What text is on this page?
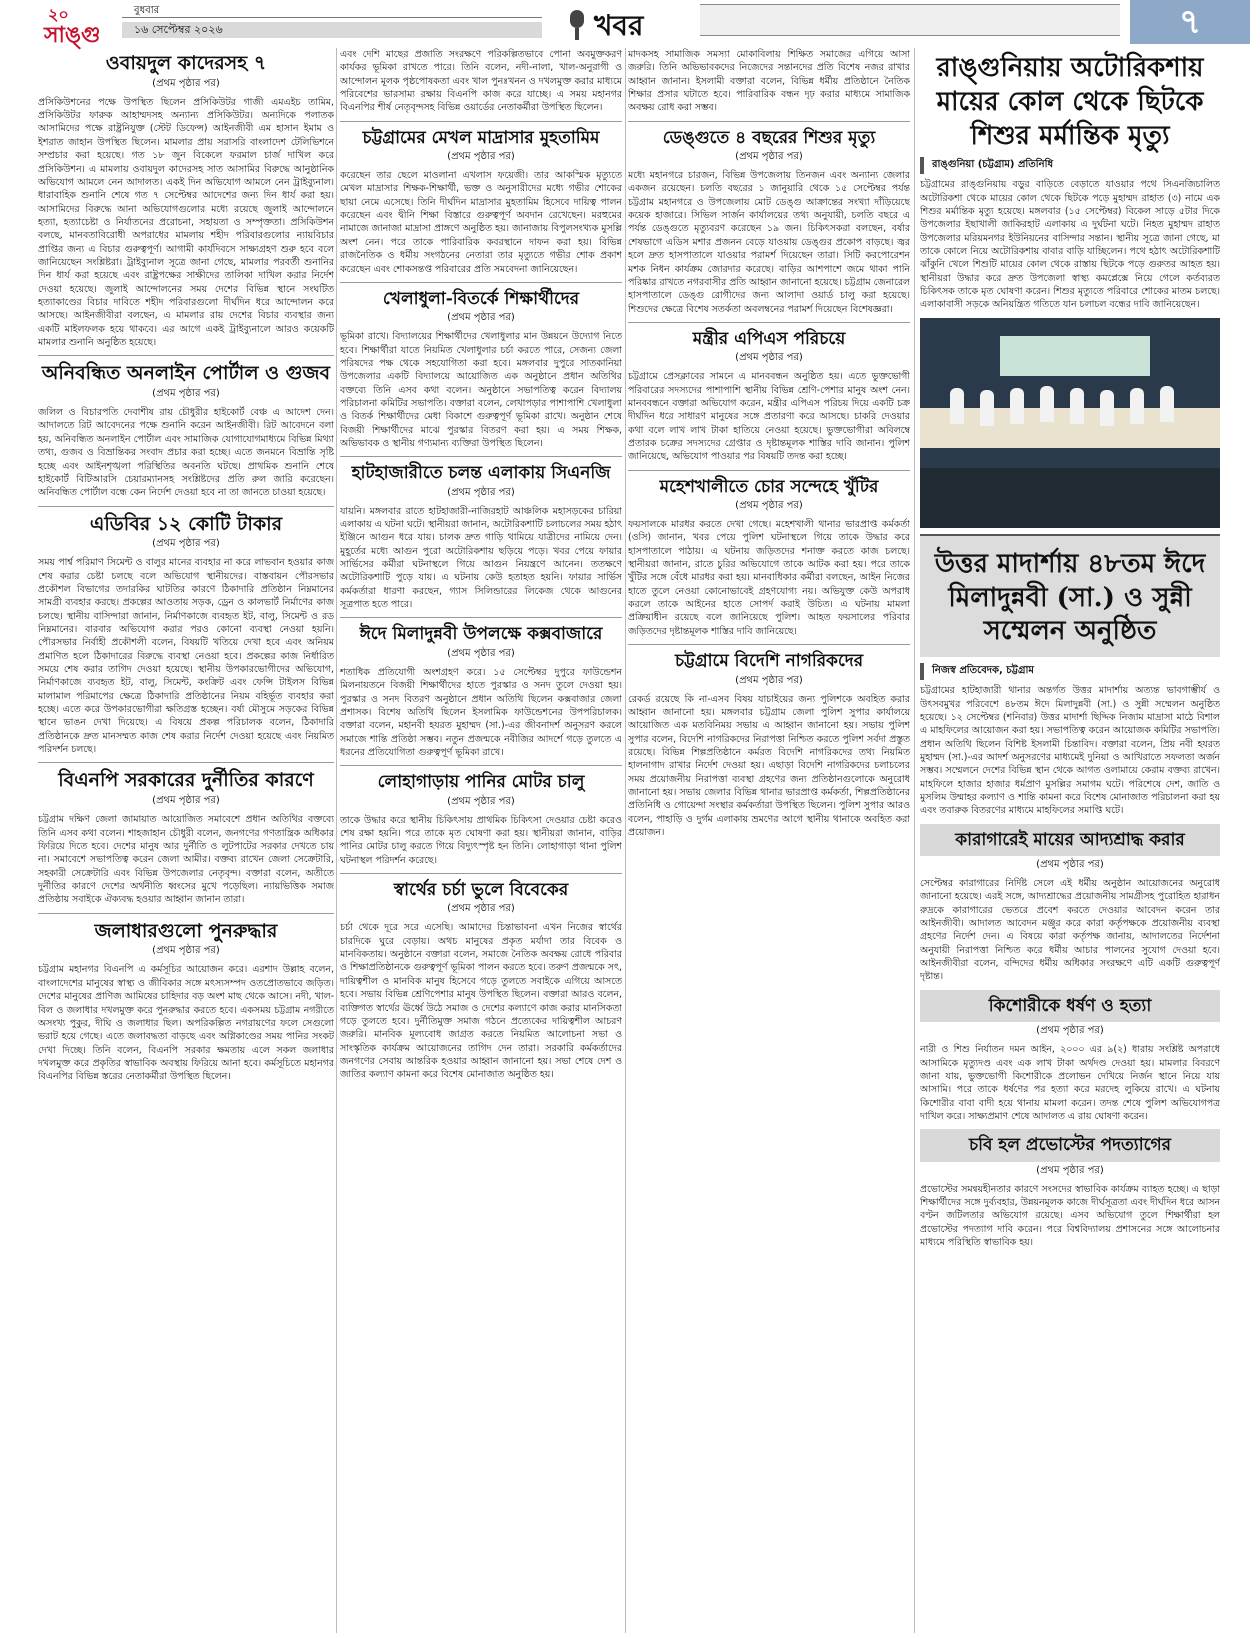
২০
সাঙ্গু
বুধবার
১৬ সেপ্টেম্বর ২০২৬	খবর	৭
ওবায়দুল কাদেরসহ ৭
(প্রথম পৃষ্ঠার পর)
প্রসিকিউশনের পক্ষে উপস্থিত ছিলেন প্রসিকিউটর গাজী এমএইচ তামিম, প্রসিকিউটর ফারুক আহাম্মদসহ অন্যান্য প্রসিকিউটর। অন্যদিকে পলাতক আসামিদের পক্ষে রাষ্ট্রনিযুক্ত (স্টেট ডিফেন্স) আইনজীবী এম হাসান ইমাম ও ইশরাত জাহান উপস্থিত ছিলেন। মামলার প্রায় সরাসরি বাংলাদেশ টেলিভিশনে সম্প্রচার করা হয়েছে। গত ১৮ জুন বিকেলে ফরমাল চার্জ দাখিল করে প্রসিকিউশন। এ মামলায় ওবায়দুল কাদেরসহ সাত আসামির বিরুদ্ধে আনুষ্ঠানিক অভিযোগ আমলে নেন আদালত। একই দিন অভিযোগ আমলে নেন ট্রাইব্যুনাল। ধারাবাহিক শুনানি শেষে গত ৭ সেপ্টেম্বর আদেশের জন্য দিন ধার্য করা হয়। আসামিদের বিরুদ্ধে আনা অভিযোগগুলোর মধ্যে রয়েছে জুলাই আন্দোলনে হত্যা, হত্যাচেষ্টা ও নির্যাতনের প্ররোচনা, সহায়তা ও সম্পৃক্ততা। প্রসিকিউশন বলছে, মানবতাবিরোধী অপরাধের মামলায় শহীদ পরিবারগুলোর ন্যায়বিচার প্রাপ্তির জন্য এ বিচার গুরুত্বপূর্ণ। আগামী কার্যদিবসে সাক্ষ্যগ্রহণ শুরু হবে বলে জানিয়েছেন সংশ্লিষ্টরা। ট্রাইব্যুনাল সূত্রে জানা গেছে, মামলার পরবর্তী শুনানির দিন ধার্য করা হয়েছে এবং রাষ্ট্রপক্ষের সাক্ষীদের তালিকা দাখিল করার নির্দেশ দেওয়া হয়েছে। জুলাই আন্দোলনের সময় দেশের বিভিন্ন স্থানে সংঘটিত হত্যাকাণ্ডের বিচার দাবিতে শহীদ পরিবারগুলো দীর্ঘদিন ধরে আন্দোলন করে আসছে। আইনজীবীরা বলছেন, এ মামলার রায় দেশের বিচার ব্যবস্থার জন্য একটি মাইলফলক হয়ে থাকবে। এর আগে একই ট্রাইব্যুনালে আরও কয়েকটি মামলার শুনানি অনুষ্ঠিত হয়েছে।
অনিবন্ধিত অনলাইন পোর্টাল ও গুজব
(প্রথম পৃষ্ঠার পর)
জলিল ও বিচারপতি দেবাশীষ রায় চৌধুরীর হাইকোর্ট বেঞ্চ এ আদেশ দেন। আদালতে রিট আবেদনের পক্ষে শুনানি করেন আইনজীবী। রিট আবেদনে বলা হয়, অনিবন্ধিত অনলাইন পোর্টাল এবং সামাজিক যোগাযোগমাধ্যমে বিভিন্ন মিথ্যা তথ্য, গুজব ও বিভ্রান্তিকর সংবাদ প্রচার করা হচ্ছে। এতে জনমনে বিভ্রান্তি সৃষ্টি হচ্ছে এবং আইনশৃঙ্খলা পরিস্থিতির অবনতি ঘটছে। প্রাথমিক শুনানি শেষে হাইকোর্ট বিটিআরসি চেয়ারম্যানসহ সংশ্লিষ্টদের প্রতি রুল জারি করেছেন। অনিবন্ধিত পোর্টাল বন্ধে কেন নির্দেশ দেওয়া হবে না তা জানতে চাওয়া হয়েছে।
এডিবির ১২ কোটি টাকার
(প্রথম পৃষ্ঠার পর)
সময় পার্শ্ব পরিমাণ সিমেন্ট ও বালুর মানের ব্যবহার না করে লাভবান হওয়ার কাজ শেষ করার চেষ্টা চলছে বলে অভিযোগ স্থানীয়দের। বাস্তবায়ন পৌরসভার প্রকৌশল বিভাগের তদারকির ঘাটতির কারণে ঠিকাদারি প্রতিষ্ঠান নিম্নমানের সামগ্রী ব্যবহার করছে। প্রকল্পের আওতায় সড়ক, ড্রেন ও কালভার্ট নির্মাণের কাজ চলছে। স্থানীয় বাসিন্দারা জানান, নির্মাণকাজে ব্যবহৃত ইট, বালু, সিমেন্ট ও রড নিম্নমানের। বারবার অভিযোগ করার পরও কোনো ব্যবস্থা নেওয়া হয়নি। পৌরসভার নির্বাহী প্রকৌশলী বলেন, বিষয়টি খতিয়ে দেখা হবে এবং অনিয়ম প্রমাণিত হলে ঠিকাদারের বিরুদ্ধে ব্যবস্থা নেওয়া হবে। প্রকল্পের কাজ নির্ধারিত সময়ে শেষ করার তাগিদ দেওয়া হয়েছে। স্থানীয় উপকারভোগীদের অভিযোগ, নির্মাণকাজে ব্যবহৃত ইট, বালু, সিমেন্ট, কংক্রিট এবং ফেন্সি টাইলস বিভিন্ন মালামাল পরিমাপের ক্ষেত্রে ঠিকাদারি প্রতিষ্ঠানের নিয়ম বহির্ভূত ব্যবহার করা হচ্ছে। এতে করে উপকারভোগীরা ক্ষতিগ্রস্ত হচ্ছেন। বর্ষা মৌসুমে সড়কের বিভিন্ন স্থানে ভাঙন দেখা দিয়েছে। এ বিষয়ে প্রকল্প পরিচালক বলেন, ঠিকাদারি প্রতিষ্ঠানকে দ্রুত মানসম্মত কাজ শেষ করার নির্দেশ দেওয়া হয়েছে এবং নিয়মিত পরিদর্শন চলছে।
বিএনপি সরকারের দুর্নীতির কারণে
(প্রথম পৃষ্ঠার পর)
চট্টগ্রাম দক্ষিণ জেলা জামায়াত আয়োজিত সমাবেশে প্রধান অতিথির বক্তব্যে তিনি এসব কথা বলেন। শাহজাহান চৌধুরী বলেন, জনগণের গণতান্ত্রিক অধিকার ফিরিয়ে দিতে হবে। দেশের মানুষ আর দুর্নীতি ও লুটপাটের সরকার দেখতে চায় না। সমাবেশে সভাপতিত্ব করেন জেলা আমীর। বক্তব্য রাখেন জেলা সেক্রেটারি, সহকারী সেক্রেটারি এবং বিভিন্ন উপজেলার নেতৃবৃন্দ। বক্তারা বলেন, অতীতে দুর্নীতির কারণে দেশের অর্থনীতি ধ্বংসের মুখে পড়েছিল। ন্যায়ভিত্তিক সমাজ প্রতিষ্ঠায় সবাইকে ঐক্যবদ্ধ হওয়ার আহ্বান জানান তারা।
জলাধারগুলো পুনরুদ্ধার
(প্রথম পৃষ্ঠার পর)
চট্টগ্রাম মহানগর বিএনপি এ কর্মসূচির আয়োজন করে। এরশাদ উল্লাহ বলেন, বাংলাদেশের মানুষের স্বাস্থ্য ও জীবিকার সঙ্গে মৎস্যসম্পদ ওতপ্রোতভাবে জড়িত। দেশের মানুষের প্রাণিজ আমিষের চাহিদার বড় অংশ মাছ থেকে আসে। নদী, খাল-বিল ও জলাধার দখলমুক্ত করে পুনরুদ্ধার করতে হবে। একসময় চট্টগ্রাম নগরীতে অসংখ্য পুকুর, দীঘি ও জলাধার ছিল। অপরিকল্পিত নগরায়ণের ফলে সেগুলো ভরাট হয়ে গেছে। এতে জলাবদ্ধতা বাড়ছে এবং অগ্নিকাণ্ডের সময় পানির সংকট দেখা দিচ্ছে। তিনি বলেন, বিএনপি সরকার ক্ষমতায় এলে সকল জলাধার দখলমুক্ত করে প্রকৃতির স্বাভাবিক অবস্থায় ফিরিয়ে আনা হবে। কর্মসূচিতে মহানগর বিএনপির বিভিন্ন স্তরের নেতাকর্মীরা উপস্থিত ছিলেন।
এবং দেশি মাছের প্রজাতি সংরক্ষণে পরিকল্পিতভাবে পোনা অবমুক্তকরণ কার্যকর ভূমিকা রাখতে পারে। তিনি বলেন, নদী-নালা, খাল-অনুরাগী ও আন্দোলন মূলক পৃষ্ঠপোষকতা এবং খাল পুনঃখনন ও দখলমুক্ত করার মাধ্যমে পরিবেশের ভারসাম্য রক্ষায় বিএনপি কাজ করে যাচ্ছে। এ সময় মহানগর বিএনপির শীর্ষ নেতৃবৃন্দসহ বিভিন্ন ওয়ার্ডের নেতাকর্মীরা উপস্থিত ছিলেন।
চট্টগ্রামের মেখল মাদ্রাসার মুহতামিম
(প্রথম পৃষ্ঠার পর)
করেছেন তার ছেলে মাওলানা এখলাস ফয়েজী। তার আকস্মিক মৃত্যুতে মেখল মাদ্রাসার শিক্ষক-শিক্ষার্থী, ভক্ত ও অনুসারীদের মধ্যে গভীর শোকের ছায়া নেমে এসেছে। তিনি দীর্ঘদিন মাদ্রাসার মুহতামিম হিসেবে দায়িত্ব পালন করেছেন এবং দ্বীনি শিক্ষা বিস্তারে গুরুত্বপূর্ণ অবদান রেখেছেন। মরহুমের নামাজে জানাজা মাদ্রাসা প্রাঙ্গণে অনুষ্ঠিত হয়। জানাজায় বিপুলসংখ্যক মুসল্লি অংশ নেন। পরে তাকে পারিবারিক কবরস্থানে দাফন করা হয়। বিভিন্ন রাজনৈতিক ও ধর্মীয় সংগঠনের নেতারা তার মৃত্যুতে গভীর শোক প্রকাশ করেছেন এবং শোকসন্তপ্ত পরিবারের প্রতি সমবেদনা জানিয়েছেন।
খেলাধুলা-বিতর্কে শিক্ষার্থীদের
(প্রথম পৃষ্ঠার পর)
ভূমিকা রাখে। বিদ্যালয়ের শিক্ষার্থীদের খেলাধুলার মান উন্নয়নে উদ্যোগ নিতে হবে। শিক্ষার্থীরা যাতে নিয়মিত খেলাধুলার চর্চা করতে পারে, সেজন্য জেলা পরিষদের পক্ষ থেকে সহযোগিতা করা হবে। মঙ্গলবার দুপুরে সাতকানিয়া উপজেলার একটি বিদ্যালয়ে আয়োজিত এক অনুষ্ঠানে প্রধান অতিথির বক্তব্যে তিনি এসব কথা বলেন। অনুষ্ঠানে সভাপতিত্ব করেন বিদ্যালয় পরিচালনা কমিটির সভাপতি। বক্তারা বলেন, লেখাপড়ার পাশাপাশি খেলাধুলা ও বিতর্ক শিক্ষার্থীদের মেধা বিকাশে গুরুত্বপূর্ণ ভূমিকা রাখে। অনুষ্ঠান শেষে বিজয়ী শিক্ষার্থীদের মাঝে পুরস্কার বিতরণ করা হয়। এ সময় শিক্ষক, অভিভাবক ও স্থানীয় গণ্যমান্য ব্যক্তিরা উপস্থিত ছিলেন।
হাটহাজারীতে চলন্ত এলাকায় সিএনজি
(প্রথম পৃষ্ঠার পর)
যায়নি। মঙ্গলবার রাতে হাটহাজারী-নাজিরহাট আঞ্চলিক মহাসড়কের চারিয়া এলাকায় এ ঘটনা ঘটে। স্থানীয়রা জানান, অটোরিকশাটি চলাচলের সময় হঠাৎ ইঞ্জিনে আগুন ধরে যায়। চালক দ্রুত গাড়ি থামিয়ে যাত্রীদের নামিয়ে দেন। মুহূর্তের মধ্যে আগুন পুরো অটোরিকশায় ছড়িয়ে পড়ে। খবর পেয়ে ফায়ার সার্ভিসের কর্মীরা ঘটনাস্থলে গিয়ে আগুন নিয়ন্ত্রণে আনেন। ততক্ষণে অটোরিকশাটি পুড়ে যায়। এ ঘটনায় কেউ হতাহত হয়নি। ফায়ার সার্ভিস কর্মকর্তারা ধারণা করছেন, গ্যাস সিলিন্ডারের লিকেজ থেকে আগুনের সূত্রপাত হতে পারে।
ঈদে মিলাদুন্নবী উপলক্ষে কক্সবাজারে
(প্রথম পৃষ্ঠার পর)
শতাধিক প্রতিযোগী অংশগ্রহণ করে। ১৫ সেপ্টেম্বর দুপুরে ফাউন্ডেশন মিলনায়তনে বিজয়ী শিক্ষার্থীদের হাতে পুরস্কার ও সনদ তুলে দেওয়া হয়। পুরস্কার ও সনদ বিতরণ অনুষ্ঠানে প্রধান অতিথি ছিলেন কক্সবাজার জেলা প্রশাসক। বিশেষ অতিথি ছিলেন ইসলামিক ফাউন্ডেশনের উপপরিচালক। বক্তারা বলেন, মহানবী হযরত মুহাম্মদ (সা.)-এর জীবনাদর্শ অনুসরণ করলে সমাজে শান্তি প্রতিষ্ঠা সম্ভব। নতুন প্রজন্মকে নবীজির আদর্শে গড়ে তুলতে এ ধরনের প্রতিযোগিতা গুরুত্বপূর্ণ ভূমিকা রাখে।
লোহাগাড়ায় পানির মোটর চালু
(প্রথম পৃষ্ঠার পর)
তাকে উদ্ধার করে স্থানীয় চিকিৎসায় প্রাথমিক চিকিৎসা দেওয়ার চেষ্টা করেও শেষ রক্ষা হয়নি। পরে তাকে মৃত ঘোষণা করা হয়। স্থানীয়রা জানান, বাড়ির পানির মোটর চালু করতে গিয়ে বিদ্যুৎস্পৃষ্ট হন তিনি। লোহাগাড়া থানা পুলিশ ঘটনাস্থল পরিদর্শন করেছে।
স্বার্থের চর্চা ভুলে বিবেকের
(প্রথম পৃষ্ঠার পর)
চর্চা থেকে দূরে সরে এসেছি। আমাদের চিন্তাভাবনা এখন নিজের স্বার্থের চারদিকে ঘুরে বেড়ায়। অথচ মানুষের প্রকৃত মর্যাদা তার বিবেক ও মানবিকতায়। অনুষ্ঠানে বক্তারা বলেন, সমাজে নৈতিক অবক্ষয় রোধে পরিবার ও শিক্ষাপ্রতিষ্ঠানকে গুরুত্বপূর্ণ ভূমিকা পালন করতে হবে। তরুণ প্রজন্মকে সৎ, দায়িত্বশীল ও মানবিক মানুষ হিসেবে গড়ে তুলতে সবাইকে এগিয়ে আসতে হবে। সভায় বিভিন্ন শ্রেণিপেশার মানুষ উপস্থিত ছিলেন। বক্তারা আরও বলেন, ব্যক্তিগত স্বার্থের ঊর্ধ্বে উঠে সমাজ ও দেশের কল্যাণে কাজ করার মানসিকতা গড়ে তুলতে হবে। দুর্নীতিমুক্ত সমাজ গঠনে প্রত্যেকের দায়িত্বশীল আচরণ জরুরি। মানবিক মূল্যবোধ জাগ্রত করতে নিয়মিত আলোচনা সভা ও সাংস্কৃতিক কার্যক্রম আয়োজনের তাগিদ দেন তারা। সরকারি কর্মকর্তাদের জনগণের সেবায় আন্তরিক হওয়ার আহ্বান জানানো হয়। সভা শেষে দেশ ও জাতির কল্যাণ কামনা করে বিশেষ মোনাজাত অনুষ্ঠিত হয়।
মাদকসহ সামাজিক সমস্যা মোকাবিলায় শিক্ষিত সমাজের এগিয়ে আসা জরুরি। তিনি অভিভাবকদের নিজেদের সন্তানদের প্রতি বিশেষ নজর রাখার আহ্বান জানান। ইসলামী বক্তারা বলেন, বিভিন্ন ধর্মীয় প্রতিষ্ঠানে নৈতিক শিক্ষার প্রসার ঘটাতে হবে। পারিবারিক বন্ধন দৃঢ় করার মাধ্যমে সামাজিক অবক্ষয় রোধ করা সম্ভব।
ডেঙ্গুতে ৪ বছরের শিশুর মৃত্যু
(প্রথম পৃষ্ঠার পর)
মধ্যে মহানগরে চারজন, বিভিন্ন উপজেলায় তিনজন এবং অন্যান্য জেলার একজন রয়েছেন। চলতি বছরের ১ জানুয়ারি থেকে ১৫ সেপ্টেম্বর পর্যন্ত চট্টগ্রাম মহানগরে ও উপজেলায় মোট ডেঙ্গু আক্রান্তের সংখ্যা দাঁড়িয়েছে কয়েক হাজারে। সিভিল সার্জন কার্যালয়ের তথ্য অনুযায়ী, চলতি বছরে এ পর্যন্ত ডেঙ্গুতে মৃত্যুবরণ করেছেন ১৯ জন। চিকিৎসকরা বলছেন, বর্ষার শেষভাগে এডিস মশার প্রজনন বেড়ে যাওয়ায় ডেঙ্গুর প্রকোপ বাড়ছে। জ্বর হলে দ্রুত হাসপাতালে যাওয়ার পরামর্শ দিয়েছেন তারা। সিটি করপোরেশন মশক নিধন কার্যক্রম জোরদার করেছে। বাড়ির আশপাশে জমে থাকা পানি পরিষ্কার রাখতে নগরবাসীর প্রতি আহ্বান জানানো হয়েছে। চট্টগ্রাম জেনারেল হাসপাতালে ডেঙ্গু রোগীদের জন্য আলাদা ওয়ার্ড চালু করা হয়েছে। শিশুদের ক্ষেত্রে বিশেষ সতর্কতা অবলম্বনের পরামর্শ দিয়েছেন বিশেষজ্ঞরা।
মন্ত্রীর এপিএস পরিচয়ে
(প্রথম পৃষ্ঠার পর)
চট্টগ্রামে প্রেসক্লাবের সামনে এ মানববন্ধন অনুষ্ঠিত হয়। এতে ভুক্তভোগী পরিবারের সদস্যদের পাশাপাশি স্থানীয় বিভিন্ন শ্রেণি-পেশার মানুষ অংশ নেন। মানববন্ধনে বক্তারা অভিযোগ করেন, মন্ত্রীর এপিএস পরিচয় দিয়ে একটি চক্র দীর্ঘদিন ধরে সাধারণ মানুষের সঙ্গে প্রতারণা করে আসছে। চাকরি দেওয়ার কথা বলে লাখ লাখ টাকা হাতিয়ে নেওয়া হয়েছে। ভুক্তভোগীরা অবিলম্বে প্রতারক চক্রের সদস্যদের গ্রেপ্তার ও দৃষ্টান্তমূলক শাস্তির দাবি জানান। পুলিশ জানিয়েছে, অভিযোগ পাওয়ার পর বিষয়টি তদন্ত করা হচ্ছে।
মহেশখালীতে চোর সন্দেহে খুঁটির
(প্রথম পৃষ্ঠার পর)
ফয়সালকে মারধর করতে দেখা গেছে। মহেশখালী থানার ভারপ্রাপ্ত কর্মকর্তা (ওসি) জানান, খবর পেয়ে পুলিশ ঘটনাস্থলে গিয়ে তাকে উদ্ধার করে হাসপাতালে পাঠায়। এ ঘটনায় জড়িতদের শনাক্ত করতে কাজ চলছে। স্থানীয়রা জানান, রাতে চুরির অভিযোগে তাকে আটক করা হয়। পরে তাকে খুঁটির সঙ্গে বেঁধে মারধর করা হয়। মানবাধিকার কর্মীরা বলছেন, আইন নিজের হাতে তুলে নেওয়া কোনোভাবেই গ্রহণযোগ্য নয়। অভিযুক্ত কেউ অপরাধ করলে তাকে আইনের হাতে সোপর্দ করাই উচিত। এ ঘটনায় মামলা প্রক্রিয়াধীন রয়েছে বলে জানিয়েছে পুলিশ। আহত ফয়সালের পরিবার জড়িতদের দৃষ্টান্তমূলক শাস্তির দাবি জানিয়েছে।
চট্টগ্রামে বিদেশি নাগরিকদের
(প্রথম পৃষ্ঠার পর)
রেকর্ড রয়েছে কি না-এসব বিষয় যাচাইয়ের জন্য পুলিশকে অবহিত করার আহ্বান জানানো হয়। মঙ্গলবার চট্টগ্রাম জেলা পুলিশ সুপার কার্যালয়ে আয়োজিত এক মতবিনিময় সভায় এ আহ্বান জানানো হয়। সভায় পুলিশ সুপার বলেন, বিদেশি নাগরিকদের নিরাপত্তা নিশ্চিত করতে পুলিশ সর্বদা প্রস্তুত রয়েছে। বিভিন্ন শিল্পপ্রতিষ্ঠানে কর্মরত বিদেশি নাগরিকদের তথ্য নিয়মিত হালনাগাদ রাখার নির্দেশ দেওয়া হয়। এছাড়া বিদেশি নাগরিকদের চলাচলের সময় প্রয়োজনীয় নিরাপত্তা ব্যবস্থা গ্রহণের জন্য প্রতিষ্ঠানগুলোকে অনুরোধ জানানো হয়। সভায় জেলার বিভিন্ন থানার ভারপ্রাপ্ত কর্মকর্তা, শিল্পপ্রতিষ্ঠানের প্রতিনিধি ও গোয়েন্দা সংস্থার কর্মকর্তারা উপস্থিত ছিলেন। পুলিশ সুপার আরও বলেন, পাহাড়ি ও দুর্গম এলাকায় ভ্রমণের আগে স্থানীয় থানাকে অবহিত করা প্রয়োজন।
রাঙ্গুনিয়ায় অটোরিকশায় মায়ের কোল থেকে ছিটকে শিশুর মর্মান্তিক মৃত্যু
রাঙ্গুনিয়া (চট্টগ্রাম) প্রতিনিধি
চট্টগ্রামের রাঙ্গুনিয়ায় বড়ুর বাড়িতে বেড়াতে যাওয়ার পথে সিএনজিচালিত অটোরিকশা থেকে মায়ের কোল থেকে ছিটকে পড়ে মুহাম্মদ রাহাত (৩) নামে এক শিশুর মর্মান্তিক মৃত্যু হয়েছে। মঙ্গলবার (১৫ সেপ্টেম্বর) বিকেল সাড়ে ৫টার দিকে উপজেলার ইছাখালী জাকিরহাট এলাকায় এ দুর্ঘটনা ঘটে। নিহত মুহাম্মদ রাহাত উপজেলার মরিয়মনগর ইউনিয়নের বাসিন্দার সন্তান। স্থানীয় সূত্রে জানা গেছে, মা তাকে কোলে নিয়ে অটোরিকশায় বাবার বাড়ি যাচ্ছিলেন। পথে হঠাৎ অটোরিকশাটি ঝাঁকুনি খেলে শিশুটি মায়ের কোল থেকে রাস্তায় ছিটকে পড়ে গুরুতর আহত হয়। স্থানীয়রা উদ্ধার করে দ্রুত উপজেলা স্বাস্থ্য কমপ্লেক্সে নিয়ে গেলে কর্তব্যরত চিকিৎসক তাকে মৃত ঘোষণা করেন। শিশুর মৃত্যুতে পরিবারে শোকের মাতম চলছে। এলাকাবাসী সড়কে অনিয়ন্ত্রিত গতিতে যান চলাচল বন্ধের দাবি জানিয়েছেন।
উত্তর মাদার্শায় ৪৮তম ঈদে মিলাদুন্নবী (সা.) ও সুন্নী সম্মেলন অনুষ্ঠিত
নিজস্ব প্রতিবেদক, চট্টগ্রাম
চট্টগ্রামের হাটহাজারী থানার অন্তর্গত উত্তর মাদার্শায় অত্যন্ত ভাবগাম্ভীর্য ও উৎসবমুখর পরিবেশে ৪৮তম ঈদে মিলাদুন্নবী (সা.) ও সুন্নী সম্মেলন অনুষ্ঠিত হয়েছে। ১২ সেপ্টেম্বর (শনিবার) উত্তর মাদার্শা ছিদ্দিক নিজাম মাদ্রাসা মাঠে বিশাল এ মাহফিলের আয়োজন করা হয়। সভাপতিত্ব করেন আয়োজক কমিটির সভাপতি। প্রধান অতিথি ছিলেন বিশিষ্ট ইসলামী চিন্তাবিদ। বক্তারা বলেন, প্রিয় নবী হযরত মুহাম্মদ (সা.)-এর আদর্শ অনুসরণের মাধ্যমেই দুনিয়া ও আখিরাতে সফলতা অর্জন সম্ভব। সম্মেলনে দেশের বিভিন্ন স্থান থেকে আগত ওলামায়ে কেরাম বক্তব্য রাখেন। মাহফিলে হাজার হাজার ধর্মপ্রাণ মুসল্লির সমাগম ঘটে। পরিশেষে দেশ, জাতি ও মুসলিম উম্মাহর কল্যাণ ও শান্তি কামনা করে বিশেষ মোনাজাত পরিচালনা করা হয় এবং তবারুক বিতরণের মাধ্যমে মাহফিলের সমাপ্তি ঘটে।
কারাগারেই মায়ের আদ্যশ্রাদ্ধ করার
(প্রথম পৃষ্ঠার পর)
সেপ্টেম্বর কারাগারের নির্দিষ্ট সেলে এই ধর্মীয় অনুষ্ঠান আয়োজনের অনুরোধ জানানো হয়েছে। এরই সঙ্গে, আদ্যশ্রাদ্ধের প্রয়োজনীয় সামগ্রীসহ পুরোহিত হারাধন রুদ্রকে কারাগারের ভেতরে প্রবেশ করতে দেওয়ার আবেদন করেন তার আইনজীবী। আদালত আবেদন মঞ্জুর করে কারা কর্তৃপক্ষকে প্রয়োজনীয় ব্যবস্থা গ্রহণের নির্দেশ দেন। এ বিষয়ে কারা কর্তৃপক্ষ জানায়, আদালতের নির্দেশনা অনুযায়ী নিরাপত্তা নিশ্চিত করে ধর্মীয় আচার পালনের সুযোগ দেওয়া হবে। আইনজীবীরা বলেন, বন্দিদের ধর্মীয় অধিকার সংরক্ষণে এটি একটি গুরুত্বপূর্ণ দৃষ্টান্ত।
কিশোরীকে ধর্ষণ ও হত্যা
(প্রথম পৃষ্ঠার পর)
নারী ও শিশু নির্যাতন দমন আইন, ২০০০ এর ৯(২) ধারায় সংশ্লিষ্ট অপরাধে আসামিকে মৃত্যুদণ্ড এবং এক লাখ টাকা অর্থদণ্ড দেওয়া হয়। মামলার বিবরণে জানা যায়, ভুক্তভোগী কিশোরীকে প্রলোভন দেখিয়ে নির্জন স্থানে নিয়ে যায় আসামি। পরে তাকে ধর্ষণের পর হত্যা করে মরদেহ লুকিয়ে রাখে। এ ঘটনায় কিশোরীর বাবা বাদী হয়ে থানায় মামলা করেন। তদন্ত শেষে পুলিশ অভিযোগপত্র দাখিল করে। সাক্ষ্যপ্রমাণ শেষে আদালত এ রায় ঘোষণা করেন।
চবি হল প্রভোস্টের পদত্যাগের
(প্রথম পৃষ্ঠার পর)
প্রভোস্টের সমন্বয়হীনতার কারণে সংসদের স্বাভাবিক কার্যক্রম ব্যাহত হচ্ছে। এ ছাড়া শিক্ষার্থীদের সঙ্গে দুর্ব্যবহার, উন্নয়নমূলক কাজে দীর্ঘসূত্রতা এবং দীর্ঘদিন ধরে আসন বণ্টন জটিলতার অভিযোগ রয়েছে। এসব অভিযোগ তুলে শিক্ষার্থীরা হল প্রভোস্টের পদত্যাগ দাবি করেন। পরে বিশ্ববিদ্যালয় প্রশাসনের সঙ্গে আলোচনার মাধ্যমে পরিস্থিতি স্বাভাবিক হয়।
